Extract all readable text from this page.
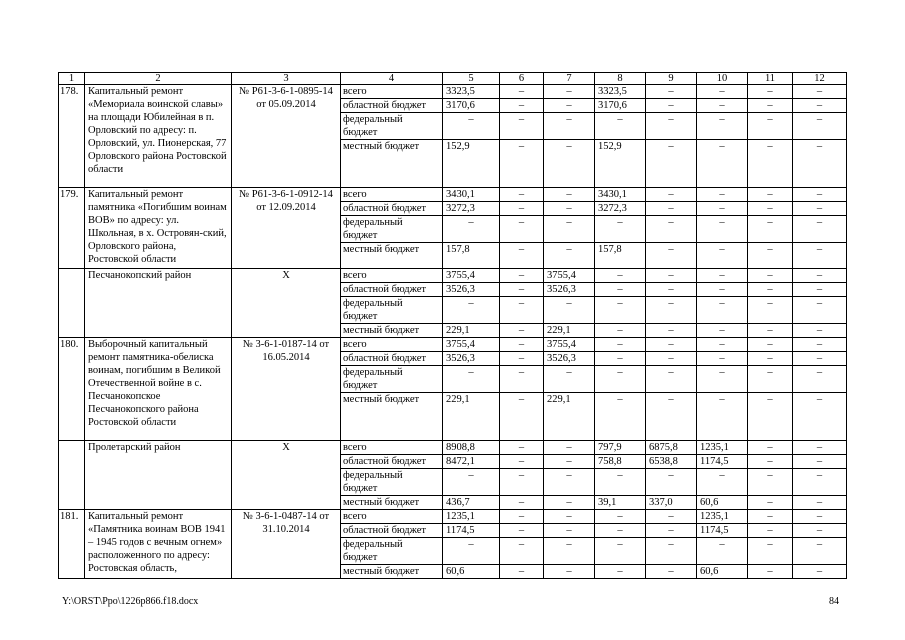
1	2	3	4	5	6	7	8	9	10	11	12
178.	Капитальный ремонт «Мемориала воинской славы» на площади Юбилейная в п. Орловский по адресу: п. Орловский, ул. Пионерская, 77 Орловского района Ростовской области	№ Р61-3-6-1-0895-14 от 05.09.2014	всего	3323,5	–	–	3323,5	–	–	–	–
			областной бюджет	3170,6	–	–	3170,6	–	–	–	–
			федеральный бюджет	–	–	–	–	–	–	–	–
			местный бюджет	152,9	–	–	152,9	–	–	–	–
179.	Капитальный ремонт памятника «Погибшим воинам ВОВ» по адресу: ул. Школьная, в х. Островян-ский, Орловского района, Ростовской области	№ Р61-3-6-1-0912-14 от 12.09.2014	всего	3430,1	–	–	3430,1	–	–	–	–
			областной бюджет	3272,3	–	–	3272,3	–	–	–	–
			федеральный бюджет	–	–	–	–	–	–	–	–
			местный бюджет	157,8	–	–	157,8	–	–	–	–
	Песчанокопский район	Х	всего	3755,4	–	3755,4	–	–	–	–	–
			областной бюджет	3526,3	–	3526,3	–	–	–	–	–
			федеральный бюджет	–	–	–	–	–	–	–	–
			местный бюджет	229,1	–	229,1	–	–	–	–	–
180.	Выборочный капитальный ремонт памятника-обелиска воинам, погибшим в Великой Отечественной войне в с. Песчанокопское Песчанокопского района Ростовской области	№ 3-6-1-0187-14 от 16.05.2014	всего	3755,4	–	3755,4	–	–	–	–	–
			областной бюджет	3526,3	–	3526,3	–	–	–	–	–
			федеральный бюджет	–	–	–	–	–	–	–	–
			местный бюджет	229,1	–	229,1	–	–	–	–	–
	Пролетарский район	Х	всего	8908,8	–	–	797,9	6875,8	1235,1	–	–
			областной бюджет	8472,1	–	–	758,8	6538,8	1174,5	–	–
			федеральный бюджет	–	–	–	–	–	–	–	–
			местный бюджет	436,7	–	–	39,1	337,0	60,6	–	–
181.	Капитальный ремонт «Памятника воинам ВОВ 1941 – 1945 годов с вечным огнем» расположенного по адресу: Ростовская область,	№ 3-6-1-0487-14 от 31.10.2014	всего	1235,1	–	–	–	–	1235,1	–	–
			областной бюджет	1174,5	–	–	–	–	1174,5	–	–
			федеральный бюджет	–	–	–	–	–	–	–	–
			местный бюджет	60,6	–	–	–	–	60,6	–	–
Y:\ORST\Ppo\1226p866.f18.docx	84
